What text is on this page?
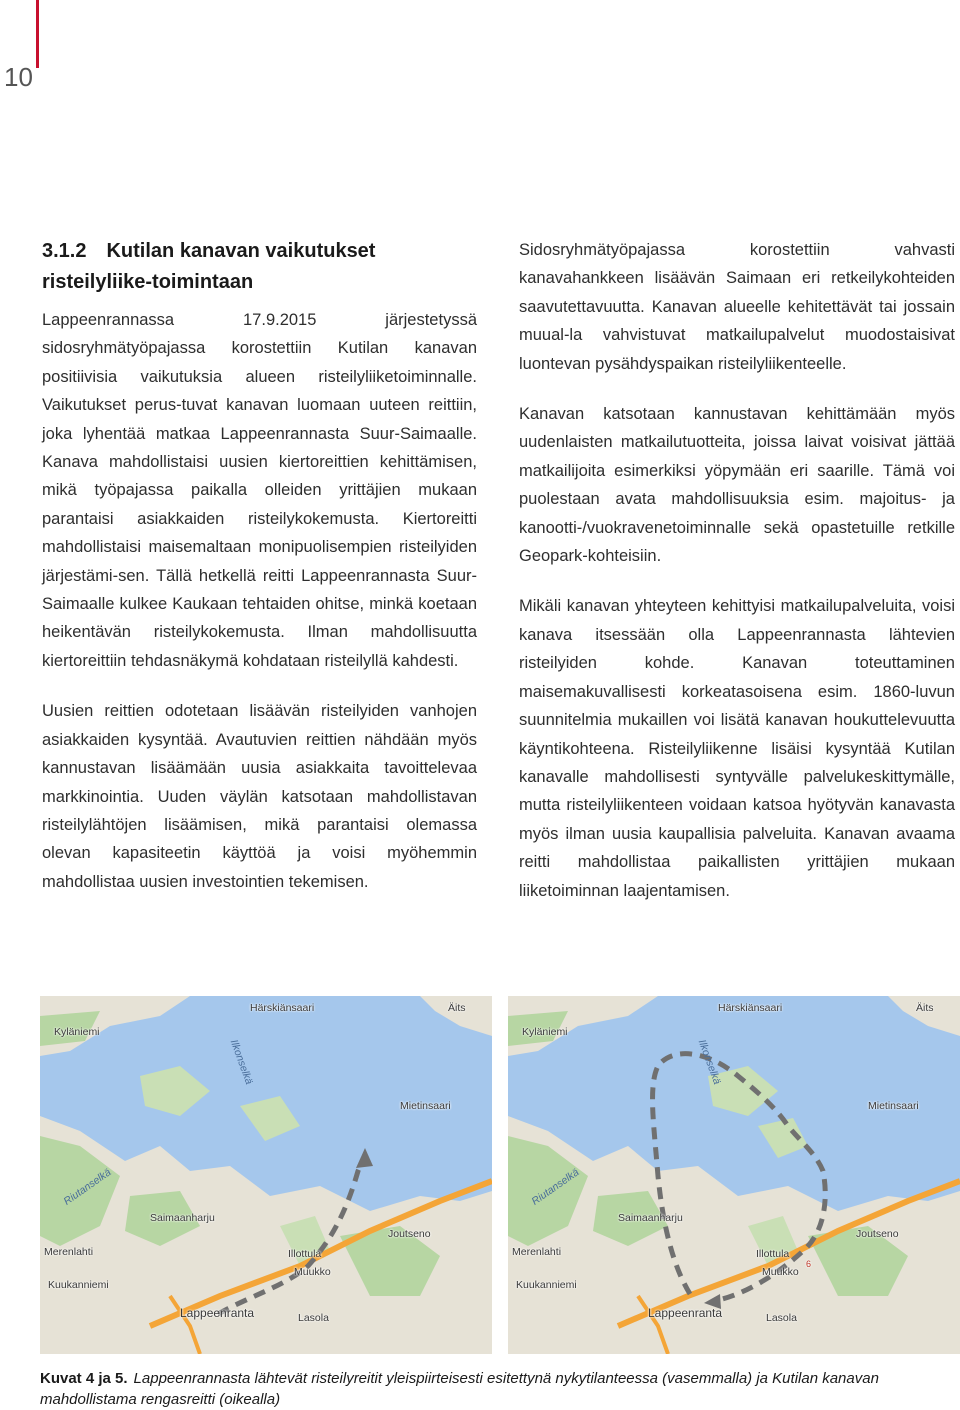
10
3.1.2 Kutilan kanavan vaikutukset risteilyliike-toimintaan

Lappeenrannassa 17.9.2015 järjestetyssä sidosryhmätyöpajassa korostettiin Kutilan kanavan positiivisia vaikutuksia alueen risteilyliiketoiminnalle. Vaikutukset perus-tuvat kanavan luomaan uuteen reittiin, joka lyhentää matkaa Lappeenrannasta Suur-Saimaalle. Kanava mahdollistaisi uusien kiertoreittien kehittämisen, mikä työpajassa paikalla olleiden yrittäjien mukaan parantaisi asiakkaiden risteilykokemusta. Kiertoreitti mahdollistaisi maisemaltaan monipuolisempien risteilyiden järjestämi-sen. Tällä hetkellä reitti Lappeenrannasta Suur-Saimaalle kulkee Kaukaan tehtaiden ohitse, minkä koetaan heikentävän risteilykokemusta. Ilman mahdollisuutta kiertoreittiin tehdasnäkymä kohdataan risteilyllä kahdesti.

Uusien reittien odotetaan lisäävän risteilyiden vanhojen asiakkaiden kysyntää. Avautuvien reittien nähdään myös kannustavan lisäämään uusia asiakkaita tavoittelevaa markkinointia. Uuden väylän katsotaan mahdollistavan risteilylähtöjen lisäämisen, mikä parantaisi olemassa olevan kapasiteetin käyttöä ja voisi myöhemmin mahdollistaa uusien investointien tekemisen.

Sidosryhmätyöpajassa korostettiin vahvasti kanavahankkeen lisäävän Saimaan eri retkeilykohteiden saavutettavuutta. Kanavan alueelle kehitettävät tai jossain muual-la vahvistuvat matkailupalvelut muodostaisivat luontevan pysähdyspaikan risteilyliikenteelle.

Kanavan katsotaan kannustavan kehittämään myös uudenlaisten matkailutuotteita, joissa laivat voisivat jättää matkailijoita esimerkiksi yöpymään eri saarille. Tämä voi puolestaan avata mahdollisuuksia esim. majoitus- ja kanootti-/vuokravenetoiminnalle sekä opastetuille retkille Geopark-kohteisiin.

Mikäli kanavan yhteyteen kehittyisi matkailupalveluita, voisi kanava itsessään olla Lappeenrannasta lähtevien risteilyiden kohde. Kanavan toteuttaminen maisemakuvallisesti korkeatasoisena esim. 1860-luvun suunnitelmia mukaillen voi lisätä kanavan houkuttelevuutta käyntikohteena. Risteilyliikenne lisäisi kysyntää Kutilan kanavalle mahdollisesti syntyvälle palvelukeskittymälle, mutta risteilyliikenteen voidaan katsoa hyötyvän kanavasta myös ilman uusia kaupallisia palveluita. Kanavan avaama reitti mahdollistaa paikallisten yrittäjien mukaan liiketoiminnan laajentamisen.

Härskiänsaari	Äits
Kyläniemi
Ilkonselkä
Mietinsaari
Riutanselkä
Saimaanharju
Joutseno
Merenlahti	Illottula
Muukko
Kuukanniemi
Lappeenranta	Lasola
Härskiänsaari	Äits
Kyläniemi
Ilkonselkä
Mietinsaari
Riutanselkä
Saimaanharju
Joutseno
Merenlahti	Illottula
Muukko
Kuukanniemi
Lappeenranta	Lasola
6
Kuvat 4 ja 5. Lappeenrannasta lähtevät risteilyreitit yleispiirteisesti esitettynä nykytilanteessa (vasemmalla) ja Kutilan kanavan mahdollistama rengasreitti (oikealla)
